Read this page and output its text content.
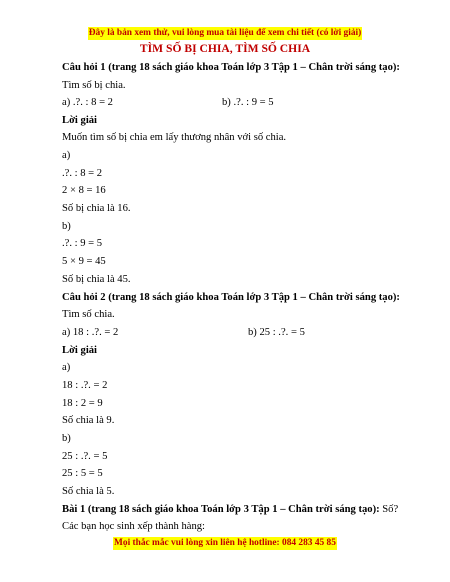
Đây là bản xem thử, vui lòng mua tài liệu để xem chi tiết (có lời giải)
TÌM SỐ BỊ CHIA, TÌM SỐ CHIA
Câu hỏi 1 (trang 18 sách giáo khoa Toán lớp 3 Tập 1 – Chân trời sáng tạo):
Tìm số bị chia.
a) .?. : 8 = 2	b) .?. : 9 = 5
Lời giải
Muốn tìm số bị chia em lấy thương nhân với số chia.
a)
.?. : 8 = 2
2 × 8 = 16
Số bị chia là 16.
b)
.?. : 9 = 5
5 × 9 = 45
Số bị chia là 45.
Câu hỏi 2 (trang 18 sách giáo khoa Toán lớp 3 Tập 1 – Chân trời sáng tạo):
Tìm số chia.
a) 18 : .?. = 2	b) 25 : .?. = 5
Lời giải
a)
18 : .?. = 2
18 : 2 = 9
Số chia là 9.
b)
25 : .?. = 5
25 : 5 = 5
Số chia là 5.
Bài 1 (trang 18 sách giáo khoa Toán lớp 3 Tập 1 – Chân trời sáng tạo): Số?
Các bạn học sinh xếp thành hàng:
Mọi thắc mắc vui lòng xin liên hệ hotline: 084 283 45 85
